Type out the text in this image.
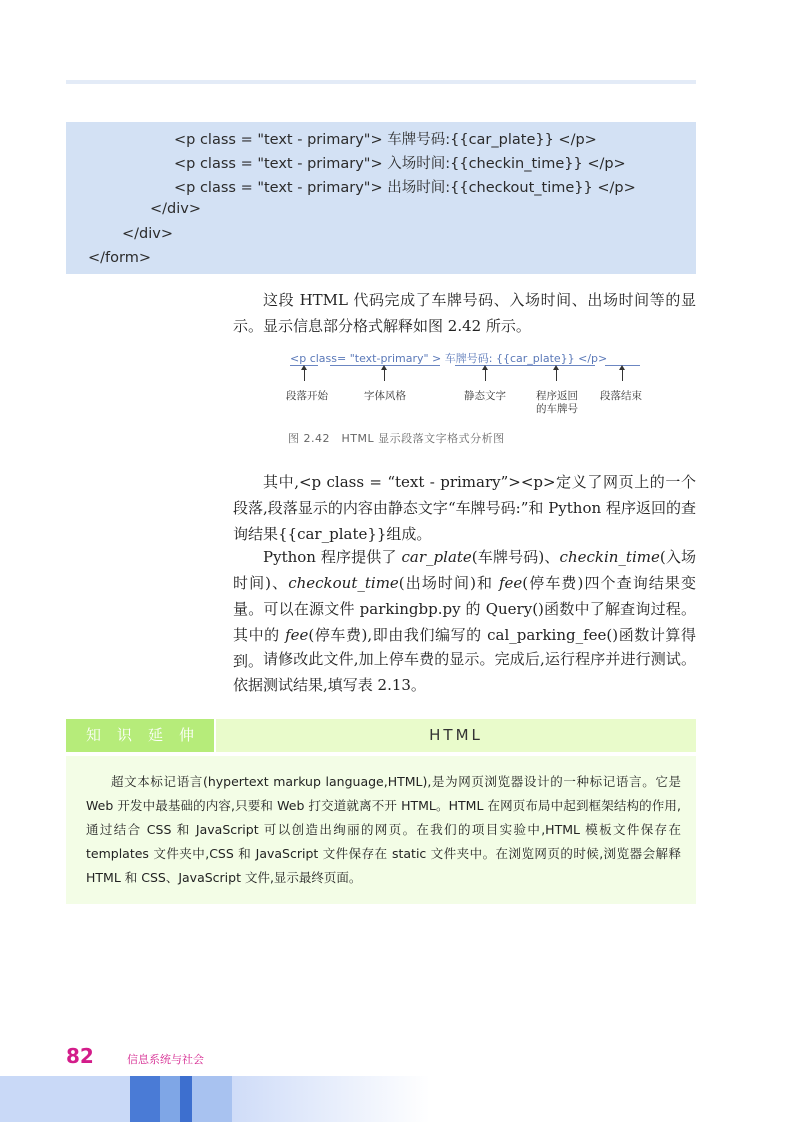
<p class = "text - primary"> 车牌号码:{{car_plate}} </p>
<p class = "text - primary"> 入场时间:{{checkin_time}} </p>
<p class = "text - primary"> 出场时间:{{checkout_time}} </p>
</div>
</div>
</form>

这段 HTML 代码完成了车牌号码、入场时间、出场时间等的显示。显示信息部分格式解释如图 2.42 所示。

<p class= "text-primary" > 车牌号码: {{car_plate}} </p>
段落开始	字体风格	静态文字	程序返回的车牌号
段落结束
图 2.42　HTML 显示段落文字格式分析图

其中,<p class = “text - primary”><p>定义了网页上的一个段落,段落显示的内容由静态文字“车牌号码:”和 Python 程序返回的查询结果{{car_plate}}组成。

Python 程序提供了 car_plate(车牌号码)、checkin_time(入场时间)、checkout_time(出场时间)和 fee(停车费)四个查询结果变量。可以在源文件 parkingbp.py 的 Query()函数中了解查询过程。其中的 fee(停车费),即由我们编写的 cal_parking_fee()函数计算得到。 请修改此文件,加上停车费的显示。完成后,运行程序并进行测试。依据测试结果,填写表 2.13。

知识延伸	HTML

超文本标记语言(hypertext markup language,HTML),是为网页浏览器设计的一种标记语言。它是 Web 开发中最基础的内容,只要和 Web 打交道就离不开 HTML。HTML 在网页布局中起到框架结构的作用,通过结合 CSS 和 JavaScript 可以创造出绚丽的网页。在我们的项目实验中,HTML 模板文件保存在 templates 文件夹中,CSS 和 JavaScript 文件保存在 static 文件夹中。在浏览网页的时候,浏览器会解释 HTML 和 CSS、JavaScript 文件,显示最终页面。

82	信息系统与社会
